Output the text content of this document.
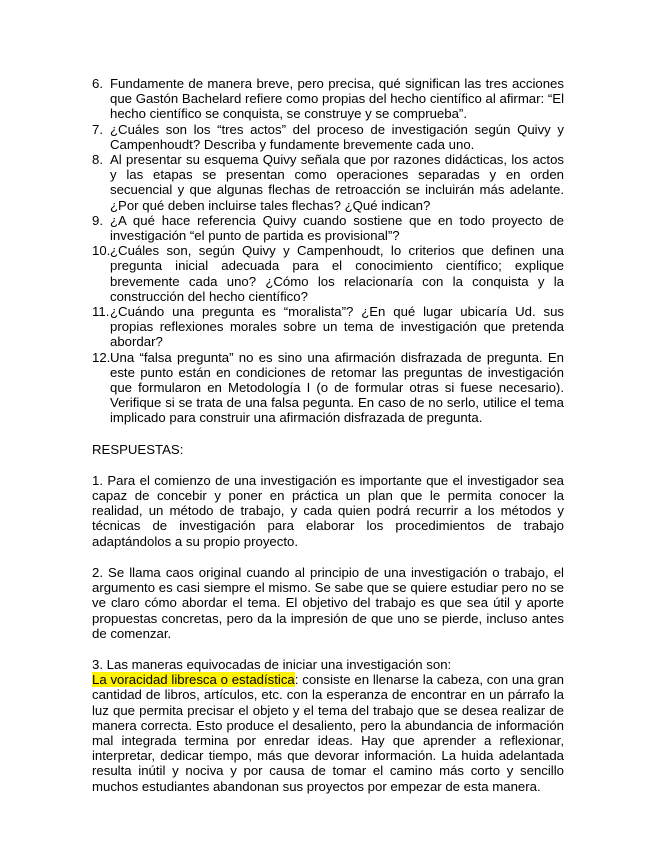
6. Fundamente de manera breve, pero precisa, qué significan las tres acciones que Gastón Bachelard refiere como propias del hecho científico al afirmar: “El hecho científico se conquista, se construye y se comprueba”.
7. ¿Cuáles son los “tres actos” del proceso de investigación según Quivy y Campenhoudt? Describa y fundamente brevemente cada uno.
8. Al presentar su esquema Quivy señala que por razones didácticas, los actos y las etapas se presentan como operaciones separadas y en orden secuencial y que algunas flechas de retroacción se incluirán más adelante. ¿Por qué deben incluirse tales flechas? ¿Qué indican?
9. ¿A qué hace referencia Quivy cuando sostiene que en todo proyecto de investigación “el punto de partida es provisional”?
10. ¿Cuáles son, según Quivy y Campenhoudt, lo criterios que definen una pregunta inicial adecuada para el conocimiento científico; explique brevemente cada uno? ¿Cómo los relacionaría con la conquista y la construcción del hecho científico?
11. ¿Cuándo una pregunta es “moralista”? ¿En qué lugar ubicaría Ud. sus propias reflexiones morales sobre un tema de investigación que pretenda abordar?
12. Una “falsa pregunta” no es sino una afirmación disfrazada de pregunta. En este punto están en condiciones de retomar las preguntas de investigación que formularon en Metodología I (o de formular otras si fuese necesario). Verifique si se trata de una falsa pegunta. En caso de no serlo, utilice el tema implicado para construir una afirmación disfrazada de pregunta.
RESPUESTAS:

1. Para el comienzo de una investigación es importante que el investigador sea capaz de concebir y poner en práctica un plan que le permita conocer la realidad, un método de trabajo, y cada quien podrá recurrir a los métodos y técnicas de investigación para elaborar los procedimientos de trabajo adaptándolos a su propio proyecto.

2. Se llama caos original cuando al principio de una investigación o trabajo, el argumento es casi siempre el mismo. Se sabe que se quiere estudiar pero no se ve claro cómo abordar el tema. El objetivo del trabajo es que sea útil y aporte propuestas concretas, pero da la impresión de que uno se pierde, incluso antes de comenzar.

3. Las maneras equivocadas de iniciar una investigación son:

La voracidad libresca o estadística: consiste en llenarse la cabeza, con una gran cantidad de libros, artículos, etc. con la esperanza de encontrar en un párrafo la luz que permita precisar el objeto y el tema del trabajo que se desea realizar de manera correcta. Esto produce el desaliento, pero la abundancia de información mal integrada termina por enredar ideas. Hay que aprender a reflexionar, interpretar, dedicar tiempo, más que devorar información. La huida adelantada resulta inútil y nociva y por causa de tomar el camino más corto y sencillo muchos estudiantes abandonan sus proyectos por empezar de esta manera.
